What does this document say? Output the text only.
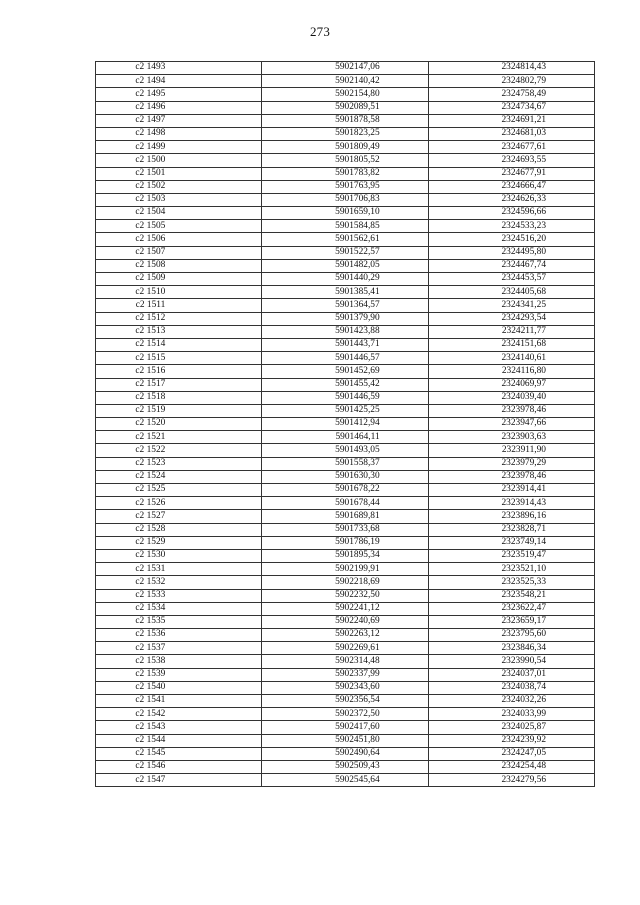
273
c2 1493	5902147,06	2324814,43
c2 1494	5902140,42	2324802,79
c2 1495	5902154,80	2324758,49
c2 1496	5902089,51	2324734,67
c2 1497	5901878,58	2324691,21
c2 1498	5901823,25	2324681,03
c2 1499	5901809,49	2324677,61
c2 1500	5901805,52	2324693,55
c2 1501	5901783,82	2324677,91
c2 1502	5901763,95	2324666,47
c2 1503	5901706,83	2324626,33
c2 1504	5901659,10	2324596,66
c2 1505	5901584,85	2324533,23
c2 1506	5901562,61	2324516,20
c2 1507	5901522,57	2324495,80
c2 1508	5901482,05	2324467,74
c2 1509	5901440,29	2324453,57
c2 1510	5901385,41	2324405,68
c2 1511	5901364,57	2324341,25
c2 1512	5901379,90	2324293,54
c2 1513	5901423,88	2324211,77
c2 1514	5901443,71	2324151,68
c2 1515	5901446,57	2324140,61
c2 1516	5901452,69	2324116,80
c2 1517	5901455,42	2324069,97
c2 1518	5901446,59	2324039,40
c2 1519	5901425,25	2323978,46
c2 1520	5901412,94	2323947,66
c2 1521	5901464,11	2323903,63
c2 1522	5901493,05	2323911,90
c2 1523	5901558,37	2323979,29
c2 1524	5901630,30	2323978,46
c2 1525	5901678,22	2323914,41
c2 1526	5901678,44	2323914,43
c2 1527	5901689,81	2323896,16
c2 1528	5901733,68	2323828,71
c2 1529	5901786,19	2323749,14
c2 1530	5901895,34	2323519,47
c2 1531	5902199,91	2323521,10
c2 1532	5902218,69	2323525,33
c2 1533	5902232,50	2323548,21
c2 1534	5902241,12	2323622,47
c2 1535	5902240,69	2323659,17
c2 1536	5902263,12	2323795,60
c2 1537	5902269,61	2323846,34
c2 1538	5902314,48	2323990,54
c2 1539	5902337,99	2324037,01
c2 1540	5902343,60	2324038,74
c2 1541	5902356,54	2324032,26
c2 1542	5902372,50	2324033,99
c2 1543	5902417,60	2324025,87
c2 1544	5902451,80	2324239,92
c2 1545	5902490,64	2324247,05
c2 1546	5902509,43	2324254,48
c2 1547	5902545,64	2324279,56
